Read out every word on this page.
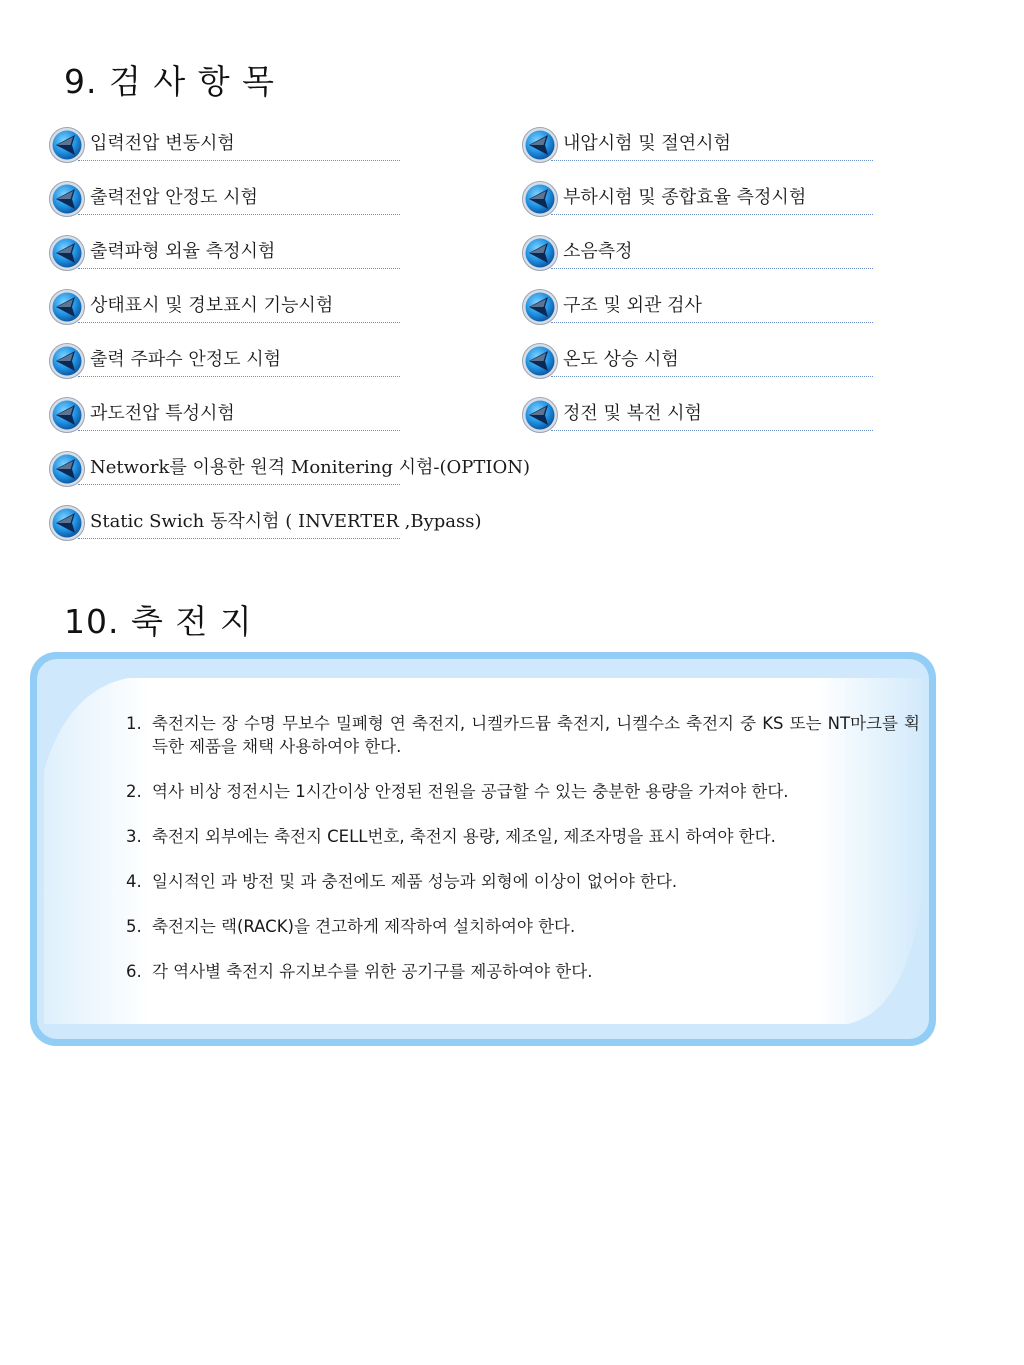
9. 검 사 항 목
입력전압 변동시험
출력전압 안정도 시험
출력파형 외율 측정시험
상태표시 및 경보표시 기능시험
출력 주파수 안정도 시험
과도전압 특성시험
Network를 이용한 원격 Monitering 시험-(OPTION)
Static Swich 동작시험 ( INVERTER ,Bypass)
내압시험 및 절연시험
부하시험 및 종합효율 측정시험
소음측정
구조 및 외관 검사
온도 상승 시험
정전 및 복전 시험
10. 축 전 지
1. 축전지는 장 수명 무보수 밀폐형 연 축전지, 니켈카드뮴 축전지, 니켈수소 축전지 중 KS 또는 NT마크를 획득한 제품을 채택 사용하여야 한다.
2. 역사 비상 정전시는 1시간이상 안정된 전원을 공급할 수 있는 충분한 용량을 가져야 한다.
3. 축전지 외부에는 축전지 CELL번호, 축전지 용량, 제조일, 제조자명을 표시 하여야 한다.
4. 일시적인 과 방전 및 과 충전에도 제품 성능과 외형에 이상이 없어야 한다.
5. 축전지는 랙(RACK)을 견고하게 제작하여 설치하여야 한다.
6. 각 역사별 축전지 유지보수를 위한 공기구를 제공하여야 한다.
